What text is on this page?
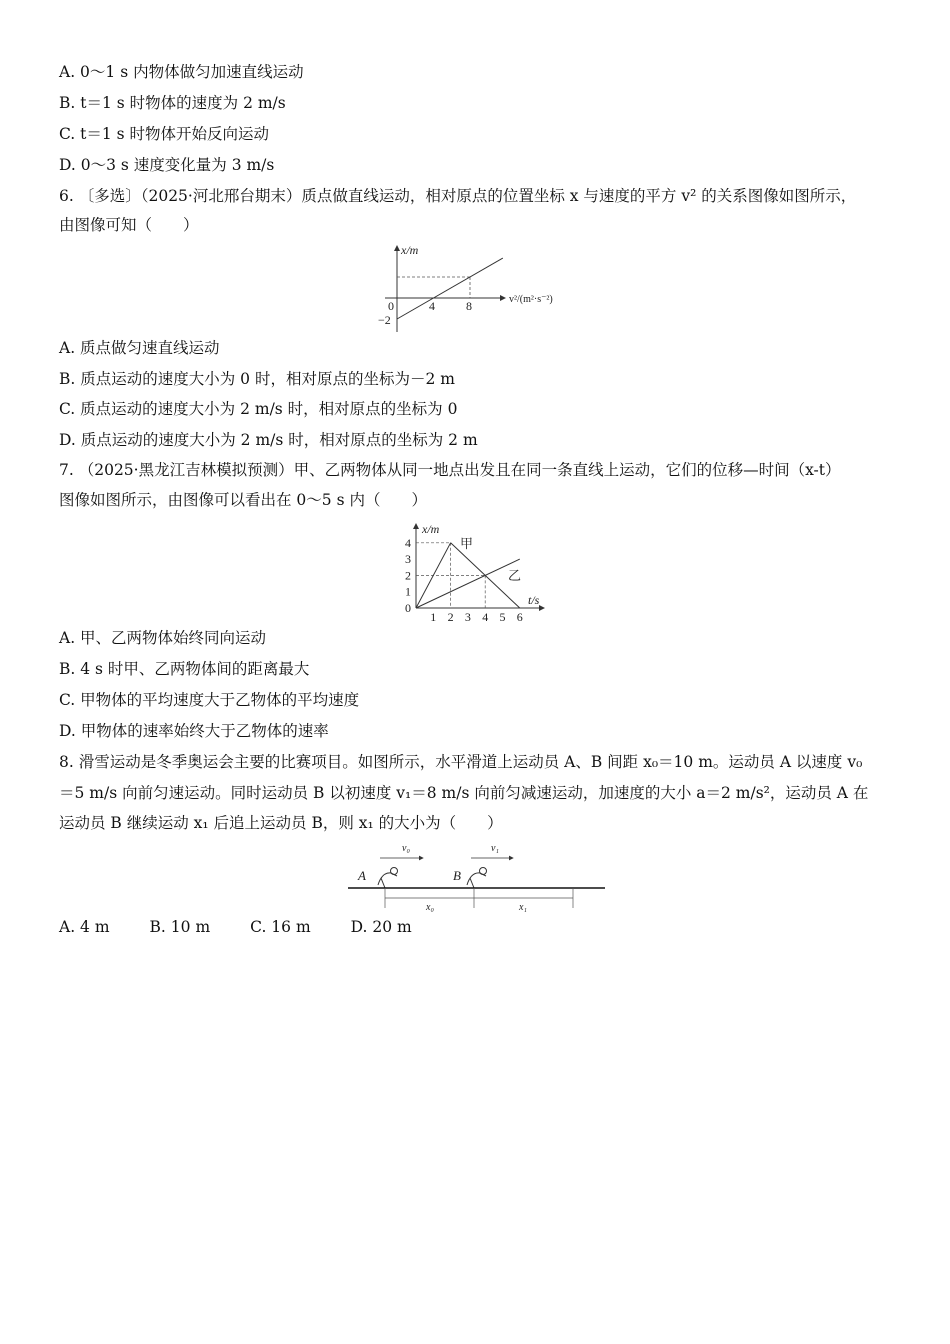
A. 0～1 s 内物体做匀加速直线运动
B. t＝1 s 时物体的速度为 2 m/s
C. t＝1 s 时物体开始反向运动
D. 0～3 s 速度变化量为 3 m/s
6. 〔多选〕（2025·河北邢台期末）质点做直线运动，相对原点的位置坐标 x 与速度的平方 v² 的关系图像如图所示，
由图像可知（　　）
x/m
v²/(m²·s⁻²)
0	4	8
−2
A. 质点做匀速直线运动
B. 质点运动的速度大小为 0 时，相对原点的坐标为－2 m
C. 质点运动的速度大小为 2 m/s 时，相对原点的坐标为 0
D. 质点运动的速度大小为 2 m/s 时，相对原点的坐标为 2 m
7. （2025·黑龙江吉林模拟预测）甲、乙两物体从同一地点出发且在同一条直线上运动，它们的位移—时间（x-t）
图像如图所示，由图像可以看出在 0～5 s 内（　　）
1 2 3 4 5 6
0
1
2
3
4
x/m
t/s
甲
乙
A. 甲、乙两物体始终同向运动
B. 4 s 时甲、乙两物体间的距离最大
C. 甲物体的平均速度大于乙物体的平均速度
D. 甲物体的速率始终大于乙物体的速率
8. 滑雪运动是冬季奥运会主要的比赛项目。如图所示，水平滑道上运动员 A、B 间距 x₀＝10 m。运动员 A 以速度 v₀
＝5 m/s 向前匀速运动。同时运动员 B 以初速度 v₁＝8 m/s 向前匀减速运动，加速度的大小 a＝2 m/s²，运动员 A 在
运动员 B 继续运动 x₁ 后追上运动员 B，则 x₁ 的大小为（　　）
v₀	v₁
A	B
x₀	x₁
A. 4 m	B. 10 m	C. 16 m	D. 20 m
